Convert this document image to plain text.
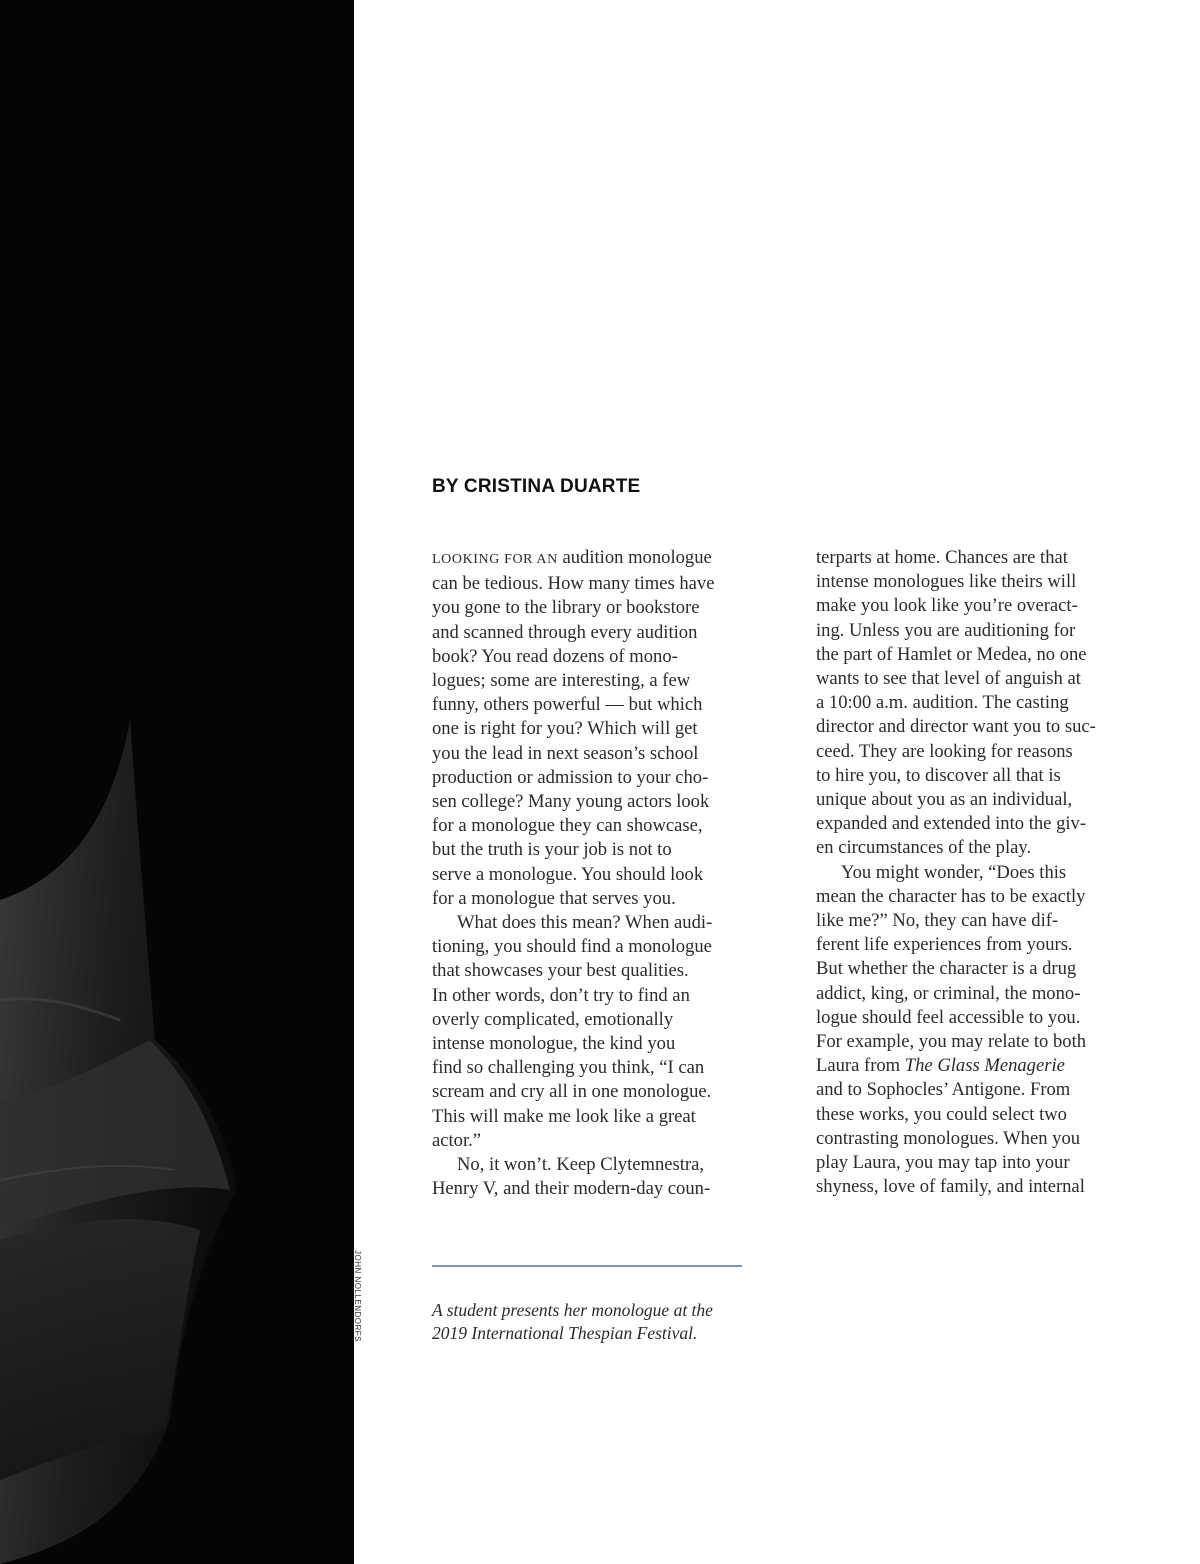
JOHN NOLLENDORFS
BY CRISTINA DUARTE
LOOKING FOR AN audition monologue
can be tedious. How many times have
you gone to the library or bookstore
and scanned through every audition
book? You read dozens of mono-
logues; some are interesting, a few
funny, others powerful — but which
one is right for you? Which will get
you the lead in next season’s school
production or admission to your cho-
sen college? Many young actors look
for a monologue they can showcase,
but the truth is your job is not to
serve a monologue. You should look
for a monologue that serves you.
What does this mean? When audi-
tioning, you should find a monologue
that showcases your best qualities.
In other words, don’t try to find an
overly complicated, emotionally
intense monologue, the kind you
find so challenging you think, “I can
scream and cry all in one monologue.
This will make me look like a great
actor.”
No, it won’t. Keep Clytemnestra,
Henry V, and their modern-day coun-
terparts at home. Chances are that
intense monologues like theirs will
make you look like you’re overact-
ing. Unless you are auditioning for
the part of Hamlet or Medea, no one
wants to see that level of anguish at
a 10:00 a.m. audition. The casting
director and director want you to suc-
ceed. They are looking for reasons
to hire you, to discover all that is
unique about you as an individual,
expanded and extended into the giv-
en circumstances of the play.
You might wonder, “Does this
mean the character has to be exactly
like me?” No, they can have dif-
ferent life experiences from yours.
But whether the character is a drug
addict, king, or criminal, the mono-
logue should feel accessible to you.
For example, you may relate to both
Laura from The Glass Menagerie
and to Sophocles’ Antigone. From
these works, you could select two
contrasting monologues. When you
play Laura, you may tap into your
shyness, love of family, and internal
A student presents her monologue at the
2019 International Thespian Festival.
